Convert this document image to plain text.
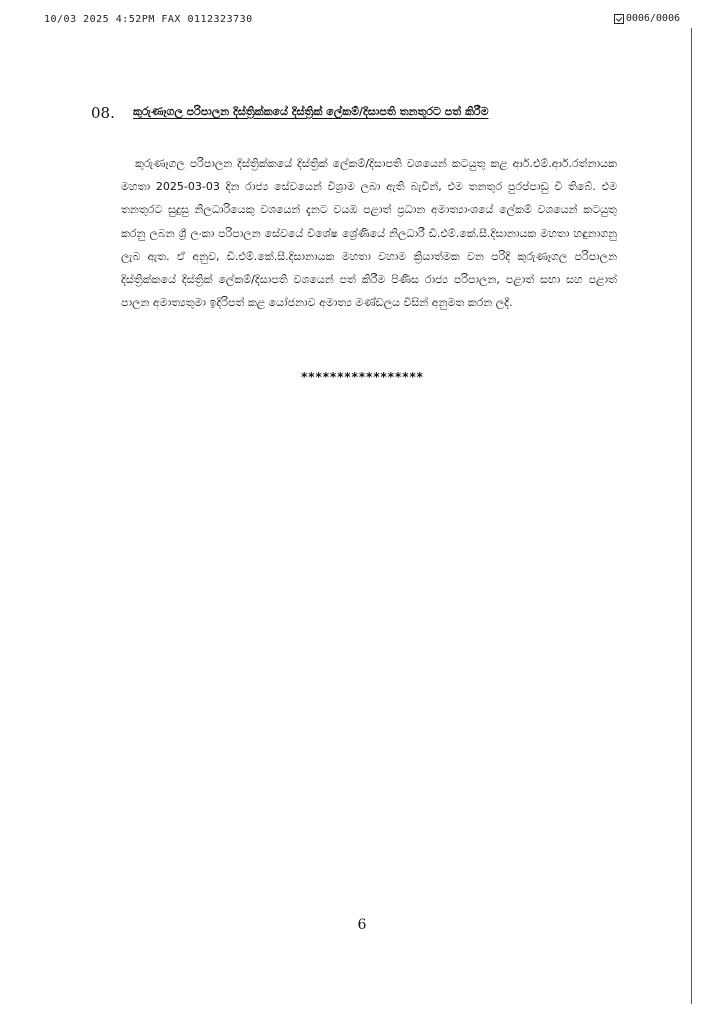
10/03 2025 4:52PM FAX 0112323730	0006/0006
08. කුරුණෑගල පරිපාලන දිස්ත්‍රික්කයේ දිස්ත්‍රික් ලේකම්/දිසාපති තනතුරට පත් කිරීම
කුරුණෑගල පරිපාලන දිස්ත්‍රික්කයේ දිස්ත්‍රික් ලේකම්/දිසාපති වශයෙන් කටයුතු කළ ආර්.එම්.ආර්.රත්නායක මහතා 2025-03-03 දින රාජ්‍ය සේවයෙන් විශ්‍රාම ලබා ඇති බැවින්, එම තනතුර පුරප්පාඩු වී තිබේ. එම තනතුරට සුදුසු නිලධාරියෙකු වශයෙන් දැනට වයඹ පළාත් ප්‍රධාන අමාත්‍යාංශයේ ලේකම් වශයෙන් කටයුතු කරනු ලබන ශ්‍රී ලංකා පරිපාලන සේවයේ විශේෂ ශ්‍රේණියේ නිලධාරී ඩී.එම්.කේ.සී.දිසානායක මහතා හඳුනාගනු ලැබ ඇත. ඒ අනුව, ඩී.එම්.කේ.සී.දිසානායක මහතා වහාම ක්‍රියාත්මක වන පරිදි කුරුණෑගල පරිපාලන දිස්ත්‍රික්කයේ දිස්ත්‍රික් ලේකම්/දිසාපති වශයෙන් පත් කිරීම පිණිස රාජ්‍ය පරිපාලන, පළාත් සභා සහ පළාත් පාලන අමාත්‍යතුමා ඉදිරිපත් කළ යෝජනාව අමාත්‍ය මණ්ඩලය විසින් අනුමත කරන ලදී.
*****************
6
